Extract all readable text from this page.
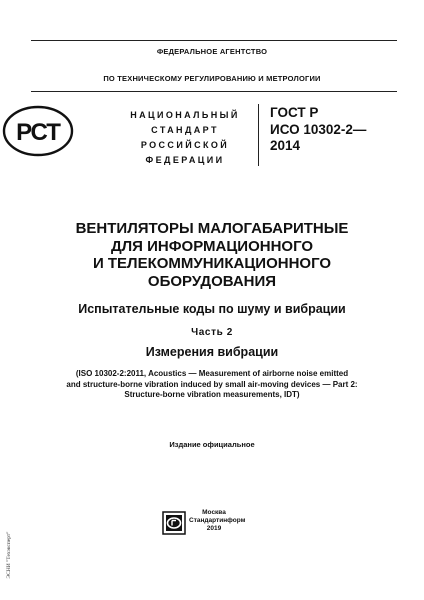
ФЕДЕРАЛЬНОЕ АГЕНТСТВО
ПО ТЕХНИЧЕСКОМУ РЕГУЛИРОВАНИЮ И МЕТРОЛОГИИ
РСТ
НАЦИОНАЛЬНЫЙ
СТАНДАРТ
РОССИЙСКОЙ
ФЕДЕРАЦИИ
ГОСТ Р
ИСО 10302-2—
2014
ВЕНТИЛЯТОРЫ МАЛОГАБАРИТНЫЕ
ДЛЯ ИНФОРМАЦИОННОГО
И ТЕЛЕКОММУНИКАЦИОННОГО
ОБОРУДОВАНИЯ
Испытательные коды по шуму и вибрации
Часть 2
Измерения вибрации
(ISO 10302-2:2011, Acoustics — Measurement of airborne noise emitted
and structure-borne vibration induced by small air-moving devices — Part 2:
Structure-borne vibration measurements, IDT)
Издание официальное
Москва
Стандартинформ
2019
ЭСНИ "Техэксперт"
